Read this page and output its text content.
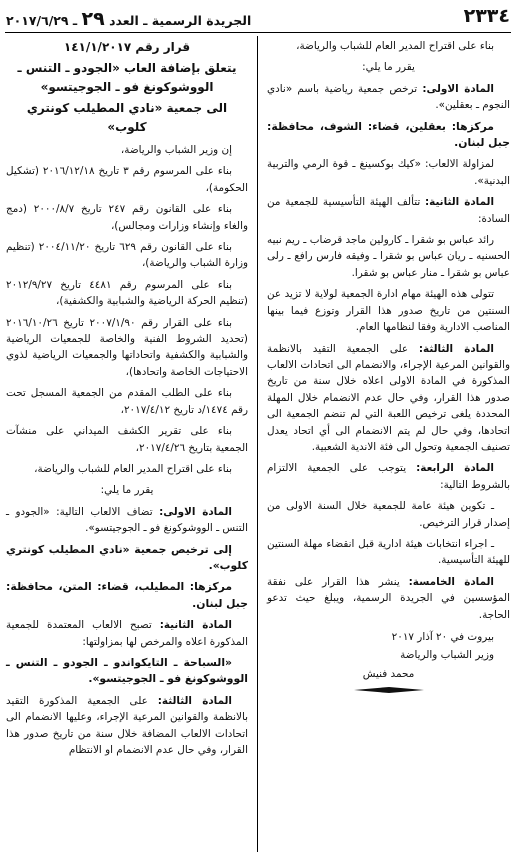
٢٣٣٤
الجريدة الرسمية ـ العدد ٢٩ ـ ٢٠١٧/٦/٢٩
بناء على اقتراح المدير العام للشباب والرياضة،
يقرر ما يلي:
المادة الاولى: ترخص جمعية رياضية باسم «نادي النجوم ـ بعقلين».
مركزها: بعقلين، قضاء: الشوف، محافظة: جبل لبنان.
لمزاولة الالعاب: «كيك بوكسينغ ـ قوة الرمي والتربية البدنية».
المادة الثانية: تتألف الهيئة التأسيسية للجمعية من السادة:
رائد عباس بو شقرا ـ كارولين ماجد قرضاب ـ ريم نبيه الحسنيه ـ ريان عباس بو شقرا ـ وفيقه فارس رافع ـ رلى عباس بو شقرا ـ منار عباس بو شقرا.
تتولى هذه الهيئة مهام ادارة الجمعية لولاية لا تزيد عن السنتين من تاريخ صدور هذا القرار وتوزع فيما بينها المناصب الادارية وفقا لنظامها العام.
المادة الثالثة: على الجمعية التقيد بالانظمة والقوانين المرعية الإجراء، والانضمام الى اتحادات الالعاب المذكورة في المادة الاولى اعلاه خلال سنة من تاريخ صدور هذا القرار، وفي حال عدم الانضمام خلال المهلة المحددة يلغى ترخيص اللعبة التي لم تنضم الجمعية الى اتحادها، وفي حال لم يتم الانضمام الى أي اتحاد يعدل تصنيف الجمعية وتحول الى فئة الاندية الشعبية.
المادة الرابعة: يتوجب على الجمعية الالتزام بالشروط التالية:
ـ تكوين هيئة عامة للجمعية خلال السنة الاولى من إصدار قرار الترخيص.
ـ اجراء انتخابات هيئة ادارية قبل انقضاء مهلة السنتين للهيئة التأسيسية.
المادة الخامسة: ينشر هذا القرار على نفقة المؤسسين في الجريدة الرسمية، ويبلغ حيث تدعو الحاجة.
بيروت في ٢٠ آذار ٢٠١٧
وزير الشباب والرياضة
محمد فنيش
قرار رقم ١٤١/١/٢٠١٧
يتعلق بإضافة العاب «الجودو ـ التنس ـ الووشوكونغ فو ـ الجوجيتسو»
الى جمعية «نادي المطيلب كونتري كلوب»
إن وزير الشباب والرياضة،
بناء على المرسوم رقم ٣ تاريخ ٢٠١٦/١٢/١٨ (تشكيل الحكومة)،
بناء على القانون رقم ٢٤٧ تاريخ ٢٠٠٠/٨/٧ (دمج والغاء وإنشاء وزارات ومجالس)،
بناء على القانون رقم ٦٢٩ تاريخ ٢٠٠٤/١١/٢٠ (تنظيم وزارة الشباب والرياضة)،
بناء على المرسوم رقم ٤٤٨١ تاريخ ٢٠١٢/٩/٢٧ (تنظيم الحركة الرياضية والشبابية والكشفية)،
بناء على القرار رقم ٢٠٠٧/١/٩٠ تاريخ ٢٠١٦/١٠/٢٦ (تحديد الشروط الفنية والخاصة للجمعيات الرياضية والشبابية والكشفية واتحاداتها والجمعيات الرياضية لذوي الاحتياجات الخاصة واتحادها)،
بناء على الطلب المقدم من الجمعية المسجل تحت رقم ١٤٧٤/د تاريخ ٢٠١٧/٤/١٢،
بناء على تقرير الكشف الميداني على منشآت الجمعية بتاريخ ٢٠١٧/٤/٢٦،
بناء على اقتراح المدير العام للشباب والرياضة،
يقرر ما يلي:
المادة الاولى: تضاف الالعاب التالية: «الجودو ـ التنس ـ الووشوكونغ فو ـ الجوجيتسو».
إلى ترخيص جمعية «نادي المطيلب كونتري كلوب».
مركزها: المطيلب، قضاء: المتن، محافظة: جبل لبنان.
المادة الثانية: تصبح الالعاب المعتمدة للجمعية المذكورة اعلاه والمرخص لها بمزاولتها:
«السباحة ـ التايكواندو ـ الجودو ـ التنس ـ الووشوكونغ فو ـ الجوجيتسو».
المادة الثالثة: على الجمعية المذكورة التقيد بالانظمة والقوانين المرعية الإجراء، وعليها الانضمام الى اتحادات الالعاب المضافة خلال سنة من تاريخ صدور هذا القرار، وفي حال عدم الانضمام او الانتظام
